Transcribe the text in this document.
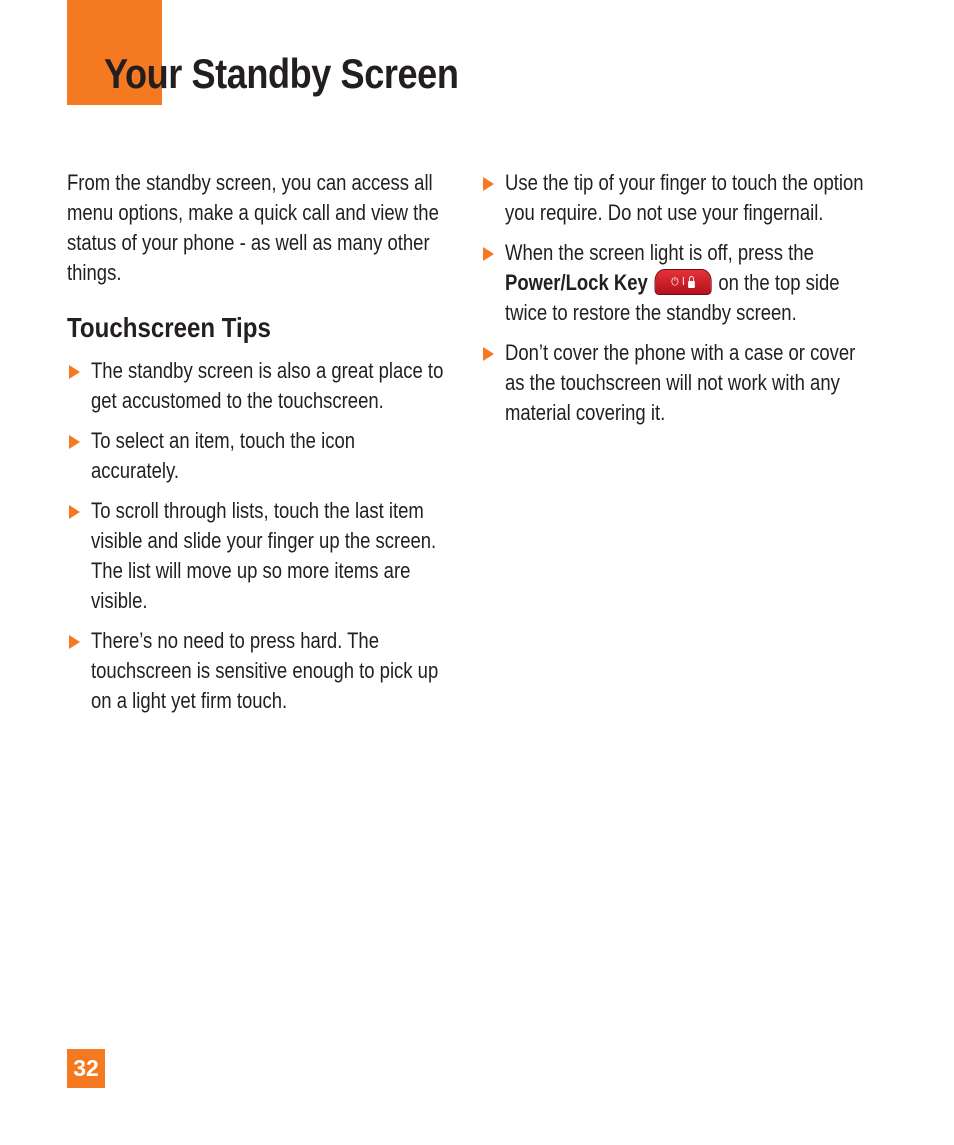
Your Standby Screen

From the standby screen, you can access all menu options, make a quick call and view the status of your phone - as well as many other things.

Touchscreen Tips
The standby screen is also a great place to get accustomed to the touchscreen.
To select an item, touch the icon accurately.
To scroll through lists, touch the last item visible and slide your finger up the screen. The list will move up so more items are visible.
There’s no need to press hard. The touchscreen is sensitive enough to pick up on a light yet firm touch.
Use the tip of your finger to touch the option you require. Do not use your fingernail.
When the screen light is off, press the Power/Lock Key ⏻ I on the top side twice to restore the standby screen.
Don’t cover the phone with a case or cover as the touchscreen will not work with any material covering it.
32
